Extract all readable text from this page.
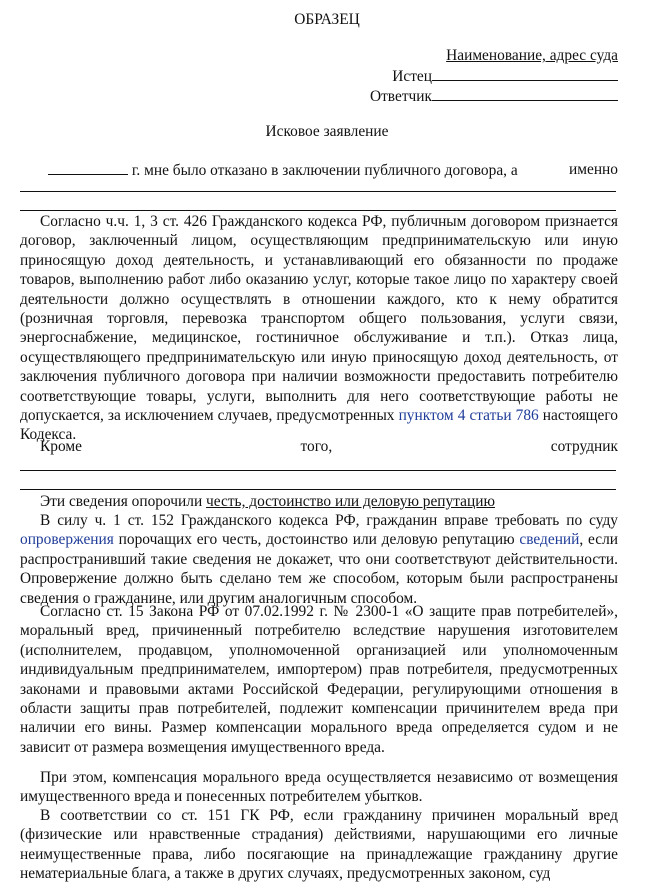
ОБРАЗЕЦ
Наименование, адрес суда
Истец
Ответчик
Исковое заявление
г. мне было отказано в заключении публичного договора, а	именно
Согласно ч.ч. 1, 3 ст. 426 Гражданского кодекса РФ, публичным договором признается договор, заключенный лицом, осуществляющим предпринимательскую или иную приносящую доход деятельность, и устанавливающий его обязанности по продаже товаров, выполнению работ либо оказанию услуг, которые такое лицо по характеру своей деятельности должно осуществлять в отношении каждого, кто к нему обратится (розничная торговля, перевозка транспортом общего пользования, услуги связи, энергоснабжение, медицинское, гостиничное обслуживание и т.п.). Отказ лица, осуществляющего предпринимательскую или иную приносящую доход деятельность, от заключения публичного договора при наличии возможности предоставить потребителю соответствующие товары, услуги, выполнить для него соответствующие работы не допускается, за исключением случаев, предусмотренных пунктом 4 статьи 786 настоящего Кодекса.
Кроме	того,	сотрудник
Эти сведения опорочили честь, достоинство или деловую репутацию
В силу ч. 1 ст. 152 Гражданского кодекса РФ, гражданин вправе требовать по суду опровержения порочащих его честь, достоинство или деловую репутацию сведений, если распространивший такие сведения не докажет, что они соответствуют действительности. Опровержение должно быть сделано тем же способом, которым были распространены сведения о гражданине, или другим аналогичным способом.
Согласно ст. 15 Закона РФ от 07.02.1992 г. № 2300-1 «О защите прав потребителей», моральный вред, причиненный потребителю вследствие нарушения изготовителем (исполнителем, продавцом, уполномоченной организацией или уполномоченным индивидуальным предпринимателем, импортером) прав потребителя, предусмотренных законами и правовыми актами Российской Федерации, регулирующими отношения в области защиты прав потребителей, подлежит компенсации причинителем вреда при наличии его вины. Размер компенсации морального вреда определяется судом и не зависит от размера возмещения имущественного вреда.
При этом, компенсация морального вреда осуществляется независимо от возмещения имущественного вреда и понесенных потребителем убытков.
В соответствии со ст. 151 ГК РФ, если гражданину причинен моральный вред (физические или нравственные страдания) действиями, нарушающими его личные неимущественные права, либо посягающие на принадлежащие гражданину другие нематериальные блага, а также в других случаях, предусмотренных законом, суд
